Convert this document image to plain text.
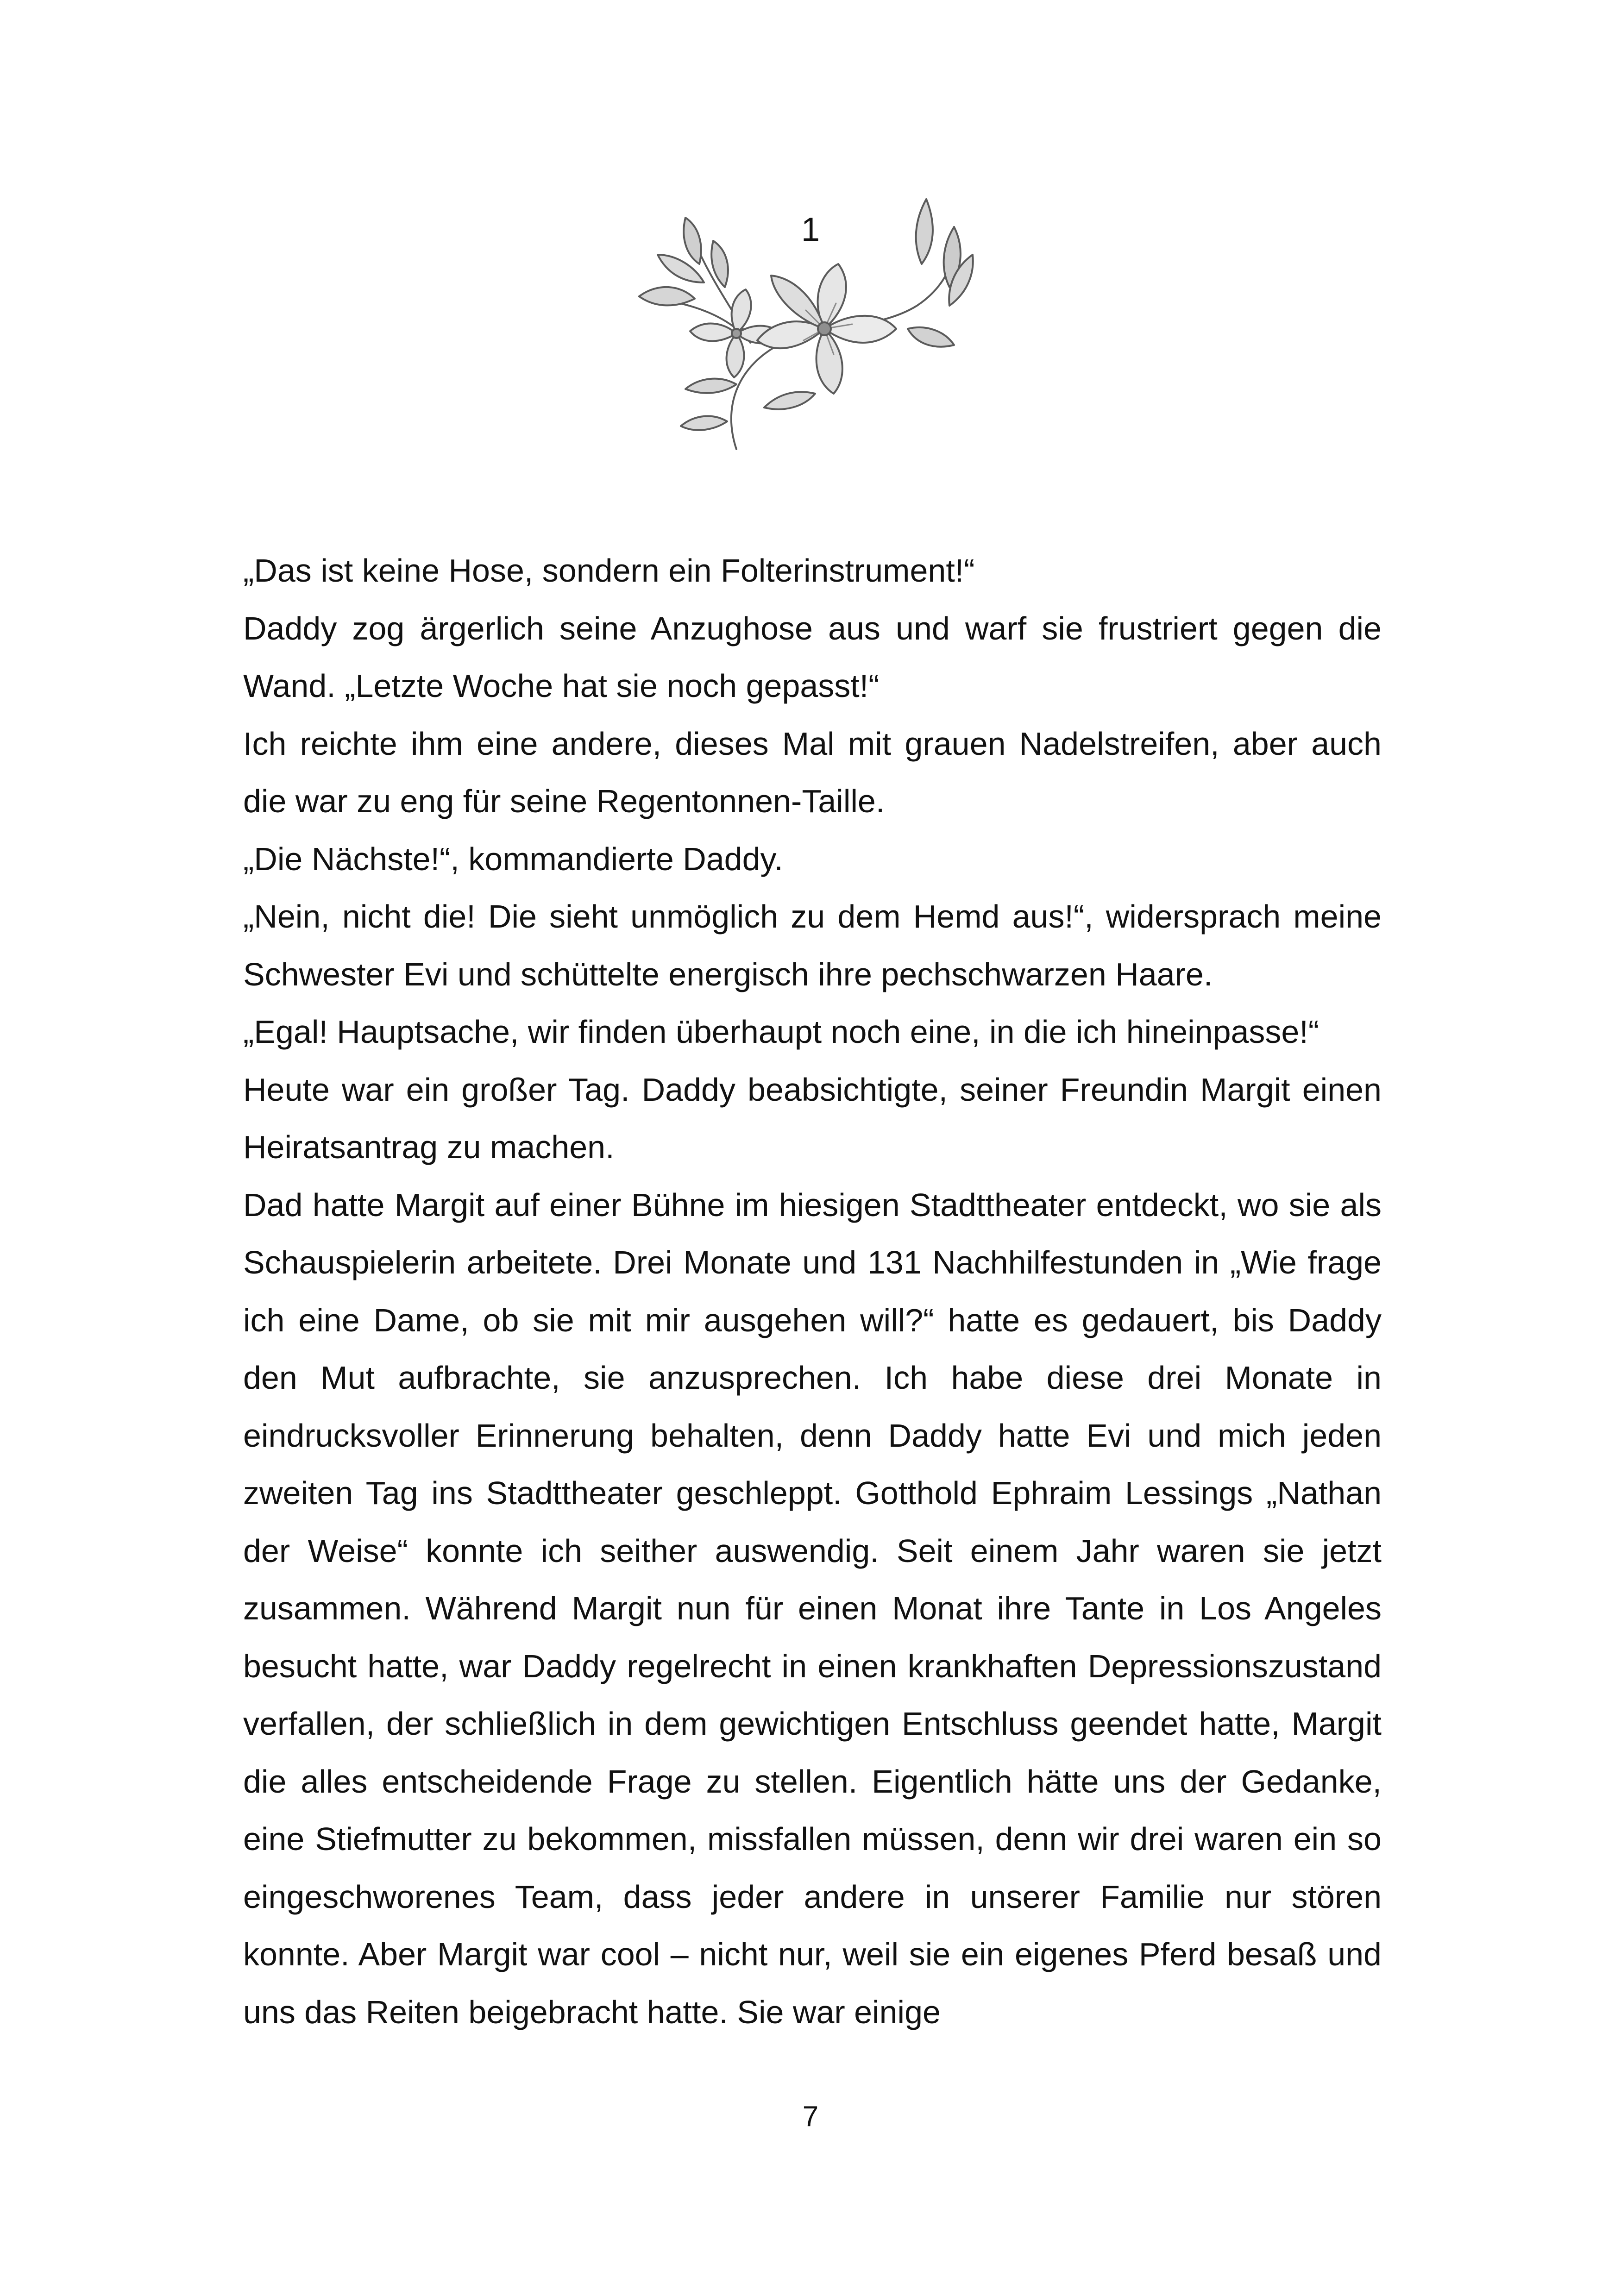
1

„Das ist keine Hose, sondern ein Folterinstrument!“

Daddy zog ärgerlich seine Anzughose aus und warf sie frustriert gegen die Wand. „Letzte Woche hat sie noch gepasst!“

Ich reichte ihm eine andere, dieses Mal mit grauen Nadelstreifen, aber auch die war zu eng für seine Regentonnen-Taille.

„Die Nächste!“, kommandierte Daddy.

„Nein, nicht die! Die sieht unmöglich zu dem Hemd aus!“, widersprach meine Schwester Evi und schüttelte energisch ihre pechschwarzen Haare.

„Egal! Hauptsache, wir finden überhaupt noch eine, in die ich hineinpasse!“

Heute war ein großer Tag. Daddy beabsichtigte, seiner Freundin Margit einen Heiratsantrag zu machen.

Dad hatte Margit auf einer Bühne im hiesigen Stadttheater entdeckt, wo sie als Schauspielerin arbeitete. Drei Monate und 131 Nachhilfestunden in „Wie frage ich eine Dame, ob sie mit mir ausgehen will?“ hatte es gedauert, bis Daddy den Mut aufbrachte, sie anzusprechen. Ich habe diese drei Monate in eindrucksvoller Erinnerung behalten, denn Daddy hatte Evi und mich jeden zweiten Tag ins Stadttheater geschleppt. Gotthold Ephraim Lessings „Nathan der Weise“ konnte ich seither auswendig. Seit einem Jahr waren sie jetzt zusammen. Während Margit nun für einen Monat ihre Tante in Los Angeles besucht hatte, war Daddy regelrecht in einen krankhaften Depressionszustand verfallen, der schließlich in dem gewichtigen Entschluss geendet hatte, Margit die alles entscheidende Frage zu stellen. Eigentlich hätte uns der Gedanke, eine Stiefmutter zu bekommen, missfallen müssen, denn wir drei waren ein so eingeschworenes Team, dass jeder andere in unserer Familie nur stören konnte. Aber Margit war cool – nicht nur, weil sie ein eigenes Pferd besaß und uns das Reiten beigebracht hatte. Sie war einige

7
